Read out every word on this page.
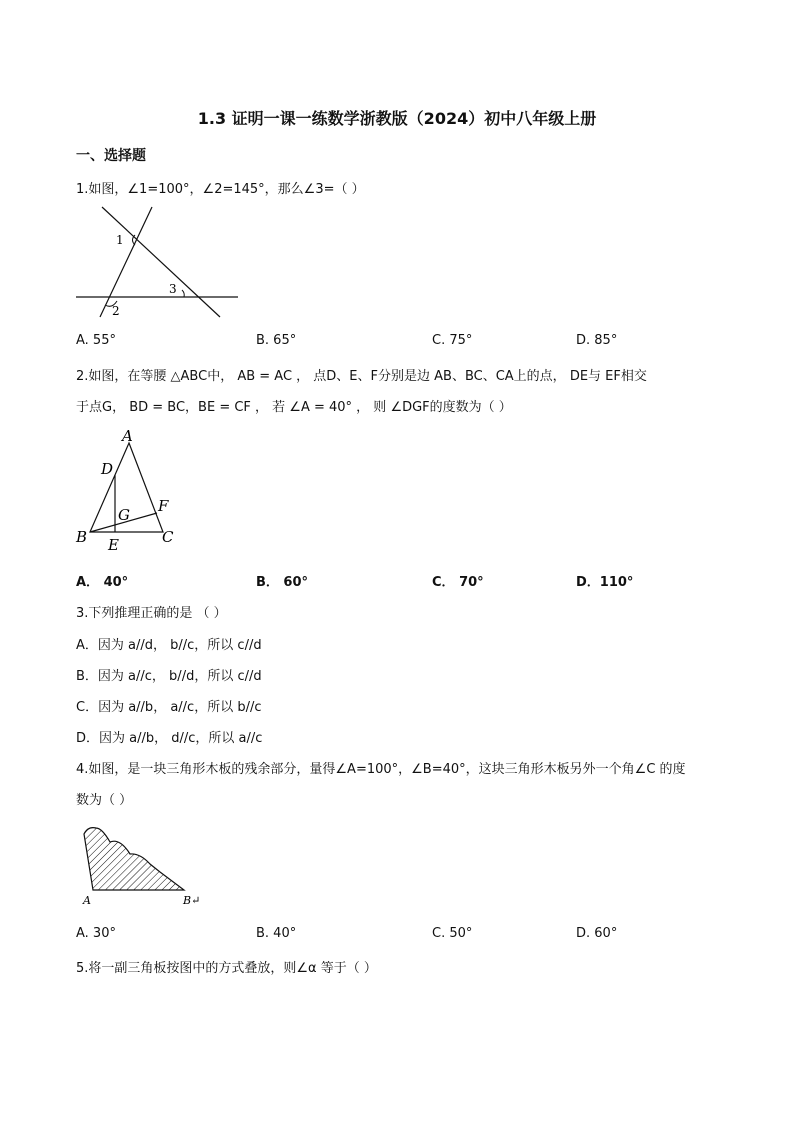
1.3 证明一课一练数学浙教版（2024）初中八年级上册
一、选择题
1.如图，∠1=100°，∠2=145°，那么∠3=（ ）
1
2
3
A. 55°	B. 65°	C. 75°	D. 85°
2.如图，在等腰 △ABC中， AB = AC ， 点D、E、F分别是边 AB、BC、CA上的点， DE与 EF相交
于点G， BD = BC，BE = CF ， 若 ∠A = 40° ， 则 ∠DGF的度数为（ ）
A
D
F
G
B E	C
A． 40°	B． 60°	C． 70°	D．110°
3.下列推理正确的是 （ ）
A．因为 a//d， b//c，所以 c//d
B．因为 a//c， b//d，所以 c//d
C．因为 a//b， a//c，所以 b//c
D．因为 a//b， d//c，所以 a//c
4.如图，是一块三角形木板的残余部分，量得∠A=100°，∠B=40°，这块三角形木板另外一个角∠C 的度
数为（ ）
A	B↵
A. 30°	B. 40°	C. 50°	D. 60°
5.将一副三角板按图中的方式叠放，则∠α 等于（ ）
